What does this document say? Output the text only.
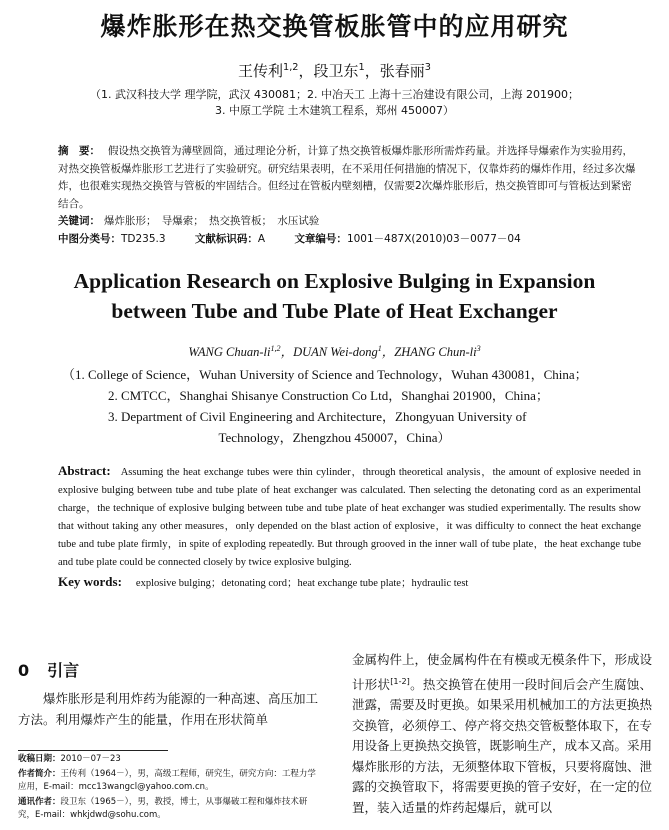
爆炸胀形在热交换管板胀管中的应用研究
王传利$^{1,2}$，段卫东$^1$，张春丽$^3$
（1. 武汉科技大学 理学院，武汉 430081；2. 中冶天工 上海十三冶建设有限公司，上海 201900；
3. 中原工学院 土木建筑工程系，郑州 450007）
摘　要： 假设热交换管为薄壁圆筒，通过理论分析，计算了热交换管板爆炸胀形所需炸药量。并选择导爆索作为实验用药，对热交换管板爆炸胀形工艺进行了实验研究。研究结果表明，在不采用任何措施的情况下，仅靠炸药的爆炸作用，经过多次爆炸，也很难实现热交换管与管板的牢固结合。但经过在管板内壁刻槽，仅需要2次爆炸胀形后，热交换管即可与管板达到紧密结合。
关键词： 爆炸胀形；　导爆索；　热交换管板；　水压试验
中图分类号：TD235.3	文献标识码：A	文章编号：1001－487X(2010)03－0077－04
Application Research on Explosive Bulging in Expansion
between Tube and Tube Plate of Heat Exchanger
WANG Chuan-li$^{1,2}$，DUAN Wei-dong$^1$，ZHANG Chun-$li^3$
（1. College of Science，Wuhan University of Science and Technology，Wuhan 430081，China；
2. CMTCC，Shanghai Shisanye Construction Co Ltd，Shanghai 201900，China；
3. Department of Civil Engineering and Architecture，Zhongyuan University of
Technology，Zhengzhou 450007，China）
Abstract: Assuming the heat exchange tubes were thin cylinder，through theoretical analysis，the amount of explosive needed in explosive bulging between tube and tube plate of heat exchanger was calculated. Then selecting the detonating cord as an experimental charge，the technique of explosive bulging between tube and tube plate of heat exchanger was studied experimentally. The results show that without taking any other measures，only depended on the blast action of explosive，it was difficulty to connect the heat exchange tube and tube plate firmly，in spite of exploding repeatedly. But through grooved in the inner wall of tube plate，the heat exchange tube and tube plate could be connected closely by twice explosive bulging.
Key words: explosive bulging；detonating cord；heat exchange tube plate；hydraulic test
0 引言
爆炸胀形是利用炸药为能源的一种高速、高压加工方法。利用爆炸产生的能量，作用在形状简单
收稿日期：2010－07－23
作者简介：王传利（1964－），男，高级工程师，研究生，研究方向：工程力学应用，E-mail：mcc13wangcl@yahoo.com.cn。
通讯作者：段卫东（1965－），男，教授，博士，从事爆破工程和爆炸技术研究，E-mail：whkjdwd@sohu.com。
金属构件上，使金属构件在有模或无模条件下，形成设计形状[1-2]。热交换管在使用一段时间后会产生腐蚀、泄露，需要及时更换。如果采用机械加工的方法更换热交换管，必须停工、停产将交热交管板整体取下，在专用设备上更换热交换管，既影响生产，成本又高。采用爆炸胀形的方法，无须整体取下管板，只要将腐蚀、泄露的交换管取下，将需要更换的管子安好，在一定的位置，装入适量的炸药起爆后，就可以
